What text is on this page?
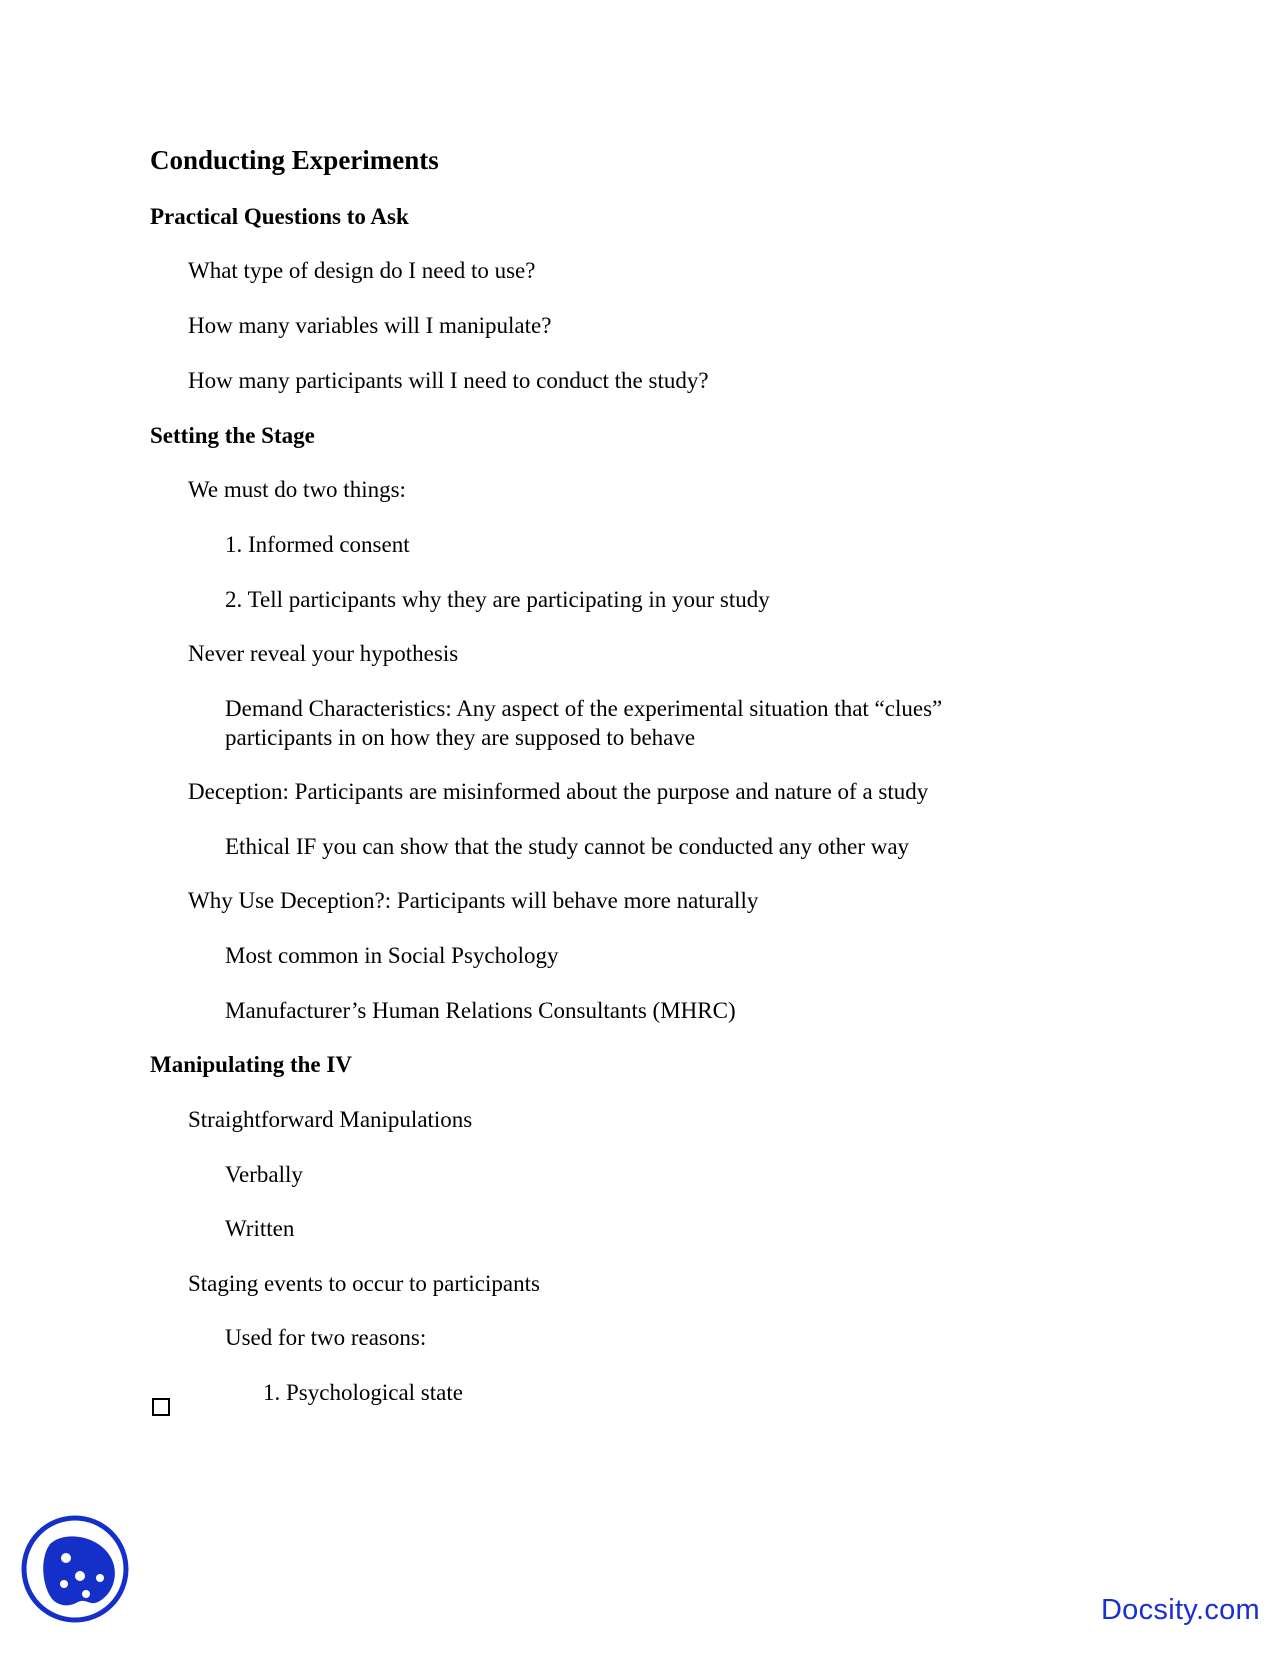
Conducting Experiments
Practical Questions to Ask
What type of design do I need to use?
How many variables will I manipulate?
How many participants will I need to conduct the study?
Setting the Stage
We must do two things:
1. Informed consent
2. Tell participants why they are participating in your study
Never reveal your hypothesis
Demand Characteristics: Any aspect of the experimental situation that “clues”
participants in on how they are supposed to behave
Deception: Participants are misinformed about the purpose and nature of a study
Ethical IF you can show that the study cannot be conducted any other way
Why Use Deception?: Participants will behave more naturally
Most common in Social Psychology
Manufacturer’s Human Relations Consultants (MHRC)
Manipulating the IV
Straightforward Manipulations
Verbally
Written
Staging events to occur to participants
Used for two reasons:
1. Psychological state
Docsity.com
